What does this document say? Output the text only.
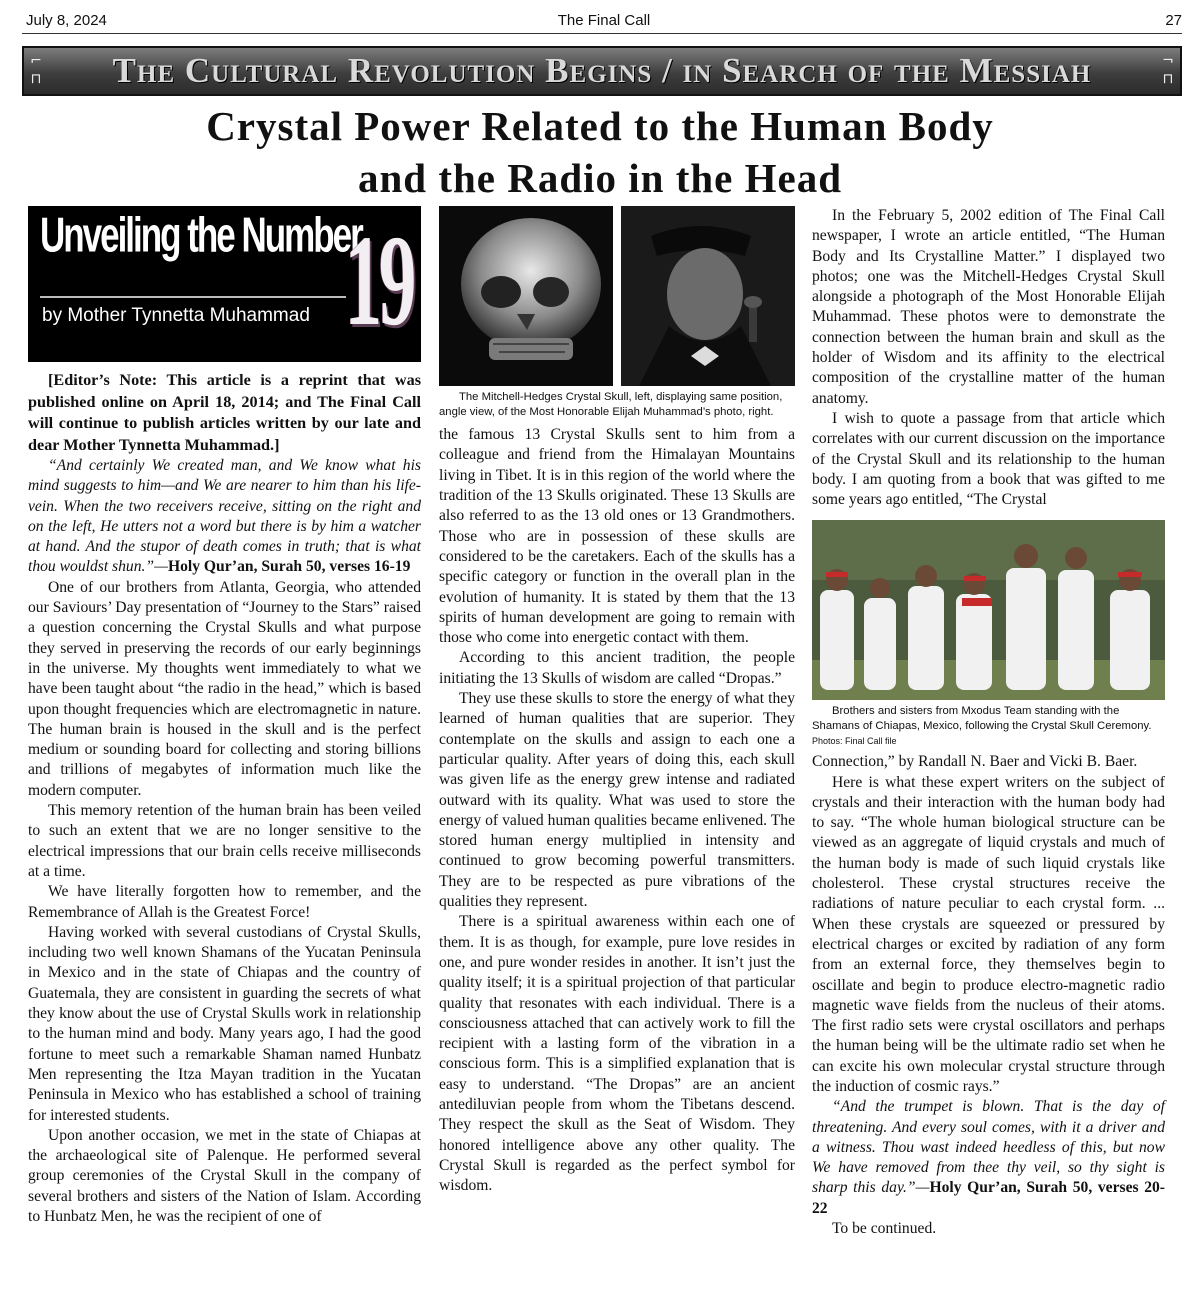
July 8, 2024	The Final Call	27
⌐
⊓ The Cultural Revolution Begins / in Search of the Messiah	¬
⊓
Crystal Power Related to the Human Body
and the Radio in the Head
Unveiling the Number
by Mother Tynnetta Muhammad 19

[Editor’s Note: This article is a reprint that was published online on April 18, 2014; and The Final Call will continue to publish articles written by our late and dear Mother Tynnetta Muhammad.]

“And certainly We created man, and We know what his mind suggests to him—and We are nearer to him than his life-vein. When the two receivers receive, sitting on the right and on the left, He utters not a word but there is by him a watcher at hand. And the stupor of death comes in truth; that is what thou wouldst shun.”—Holy Qur’an, Surah 50, verses 16-19

One of our brothers from Atlanta, Georgia, who attended our Saviours’ Day presentation of “Journey to the Stars” raised a question concerning the Crystal Skulls and what purpose they served in preserving the records of our early beginnings in the universe. My thoughts went immediately to what we have been taught about “the radio in the head,” which is based upon thought frequencies which are electromagnetic in nature. The human brain is housed in the skull and is the perfect medium or sounding board for collecting and storing billions and trillions of megabytes of information much like the modern computer.

This memory retention of the human brain has been veiled to such an extent that we are no longer sensitive to the electrical impressions that our brain cells receive milliseconds at a time.

We have literally forgotten how to remember, and the Remembrance of Allah is the Greatest Force!

Having worked with several custodians of Crystal Skulls, including two well known Shamans of the Yucatan Peninsula in Mexico and in the state of Chiapas and the country of Guatemala, they are consistent in guarding the secrets of what they know about the use of Crystal Skulls work in relationship to the human mind and body. Many years ago, I had the good fortune to meet such a remarkable Shaman named Hunbatz Men representing the Itza Mayan tradition in the Yucatan Peninsula in Mexico who has established a school of training for interested students.

Upon another occasion, we met in the state of Chiapas at the archaeological site of Palenque. He performed several group ceremonies of the Crystal Skull in the company of several brothers and sisters of the Nation of Islam. According to Hunbatz Men, he was the recipient of one of

The Mitchell-Hedges Crystal Skull, left, displaying same position, angle view, of the Most Honorable Elijah Muhammad’s photo, right.

the famous 13 Crystal Skulls sent to him from a colleague and friend from the Himalayan Mountains living in Tibet. It is in this region of the world where the tradition of the 13 Skulls originated. These 13 Skulls are also referred to as the 13 old ones or 13 Grandmothers. Those who are in possession of these skulls are considered to be the caretakers. Each of the skulls has a specific category or function in the overall plan in the evolution of humanity. It is stated by them that the 13 spirits of human development are going to remain with those who come into energetic contact with them.

According to this ancient tradition, the people initiating the 13 Skulls of wisdom are called “Dropas.”

They use these skulls to store the energy of what they learned of human qualities that are superior. They contemplate on the skulls and assign to each one a particular quality. After years of doing this, each skull was given life as the energy grew intense and radiated outward with its quality. What was used to store the energy of valued human qualities became enlivened. The stored human energy multiplied in intensity and continued to grow becoming powerful transmitters. They are to be respected as pure vibrations of the qualities they represent.

There is a spiritual awareness within each one of them. It is as though, for example, pure love resides in one, and pure wonder resides in another. It isn’t just the quality itself; it is a spiritual projection of that particular quality that resonates with each individual. There is a consciousness attached that can actively work to fill the recipient with a lasting form of the vibration in a conscious form. This is a simplified explanation that is easy to understand. “The Dropas” are an ancient antediluvian people from whom the Tibetans descend. They respect the skull as the Seat of Wisdom. They honored intelligence above any other quality. The Crystal Skull is regarded as the perfect symbol for wisdom.

In the February 5, 2002 edition of The Final Call newspaper, I wrote an article entitled, “The Human Body and Its Crystalline Matter.” I displayed two photos; one was the Mitchell-Hedges Crystal Skull alongside a photograph of the Most Honorable Elijah Muhammad. These photos were to demonstrate the connection between the human brain and skull as the holder of Wisdom and its affinity to the electrical composition of the crystalline matter of the human anatomy.

I wish to quote a passage from that article which correlates with our current discussion on the importance of the Crystal Skull and its relationship to the human body. I am quoting from a book that was gifted to me some years ago entitled, “The Crystal

Brothers and sisters from Mxodus Team standing with the Shamans of Chiapas, Mexico, following the Crystal Skull Ceremony. Photos: Final Call file

Connection,” by Randall N. Baer and Vicki B. Baer.

Here is what these expert writers on the subject of crystals and their interaction with the human body had to say. “The whole human biological structure can be viewed as an aggregate of liquid crystals and much of the human body is made of such liquid crystals like cholesterol. These crystal structures receive the radiations of nature peculiar to each crystal form. ... When these crystals are squeezed or pressured by electrical charges or excited by radiation of any form from an external force, they themselves begin to oscillate and begin to produce electro-magnetic radio magnetic wave fields from the nucleus of their atoms. The first radio sets were crystal oscillators and perhaps the human being will be the ultimate radio set when he can excite his own molecular crystal structure through the induction of cosmic rays.”

“And the trumpet is blown. That is the day of threatening. And every soul comes, with it a driver and a witness. Thou wast indeed heedless of this, but now We have removed from thee thy veil, so thy sight is sharp this day.”—Holy Qur’an, Surah 50, verses 20-22

To be continued.
